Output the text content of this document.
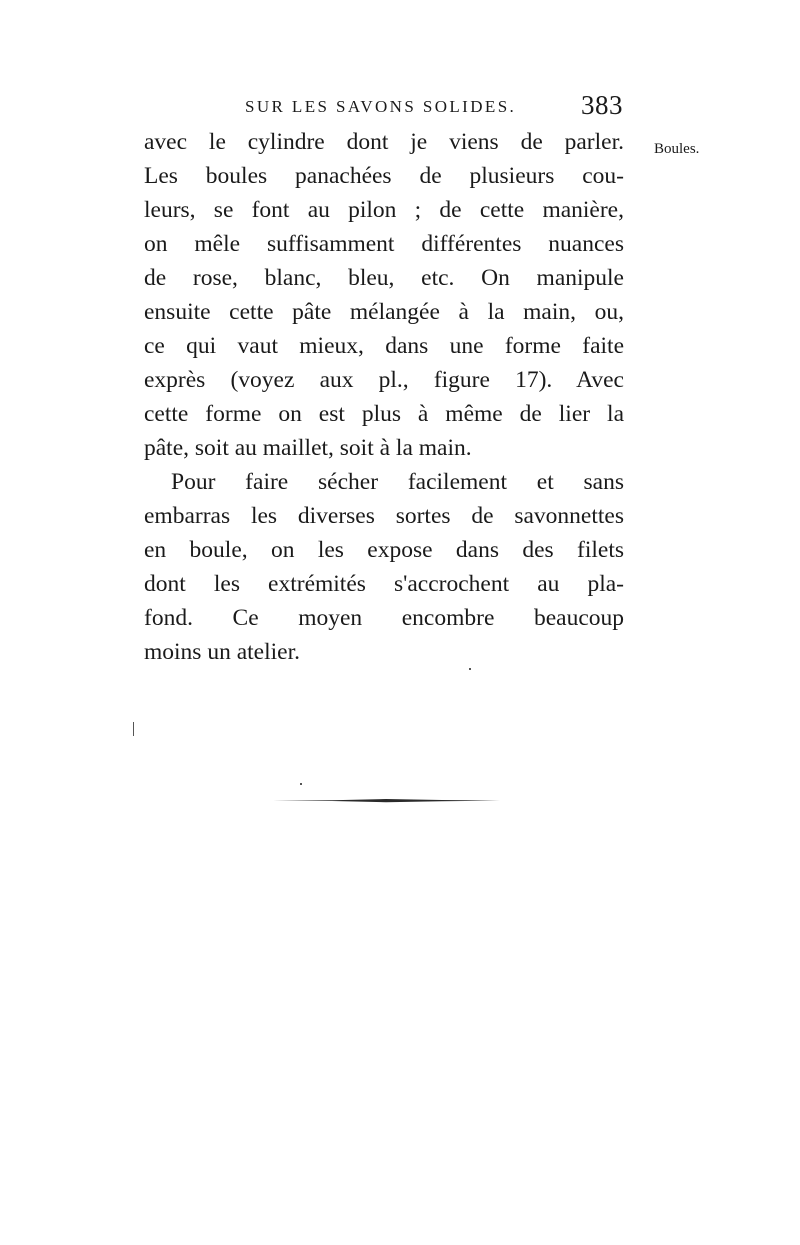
SUR LES SAVONS SOLIDES. 383
Boules.
avec le cylindre dont je viens de parler.
Les boules panachées de plusieurs cou-
leurs, se font au pilon ; de cette manière,
on mêle suffisamment différentes nuances
de rose, blanc, bleu, etc. On manipule
ensuite cette pâte mélangée à la main, ou,
ce qui vaut mieux, dans une forme faite
exprès (voyez aux pl., figure 17). Avec
cette forme on est plus à même de lier la
pâte, soit au maillet, soit à la main.
Pour faire sécher facilement et sans
embarras les diverses sortes de savonnettes
en boule, on les expose dans des filets
dont les extrémités s'accrochent au pla-
fond. Ce moyen encombre beaucoup
moins un atelier.
